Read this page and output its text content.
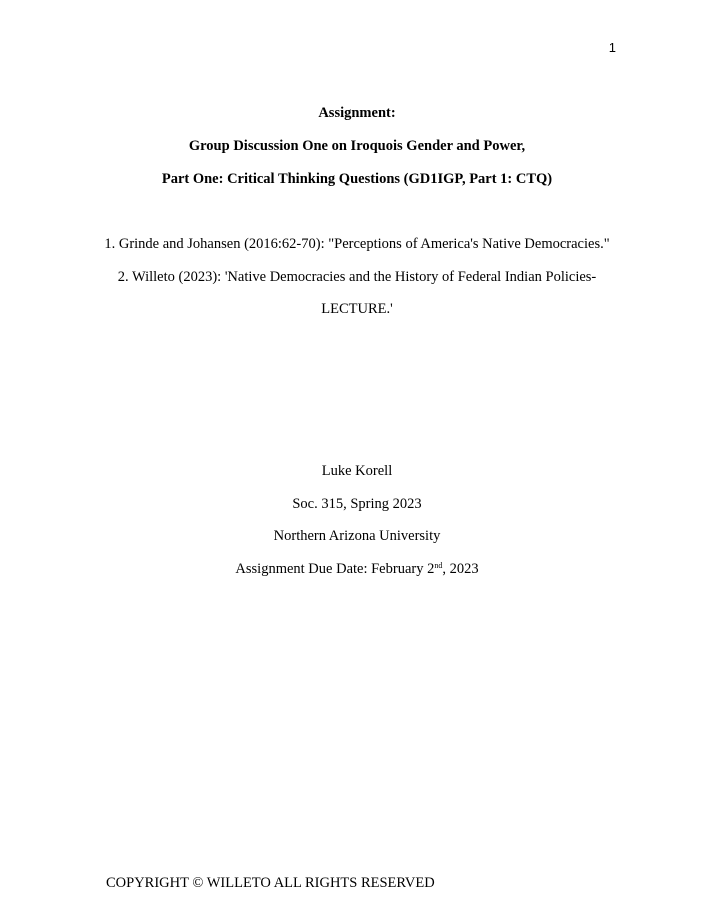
1
Assignment:
Group Discussion One on Iroquois Gender and Power,
Part One: Critical Thinking Questions (GD1IGP, Part 1: CTQ)
1. Grinde and Johansen (2016:62-70): "Perceptions of America's Native Democracies."
2. Willeto (2023): 'Native Democracies and the History of Federal Indian Policies-
LECTURE.'
Luke Korell
Soc. 315, Spring 2023
Northern Arizona University
Assignment Due Date: February 2nd, 2023
COPYRIGHT © WILLETO ALL RIGHTS RESERVED
